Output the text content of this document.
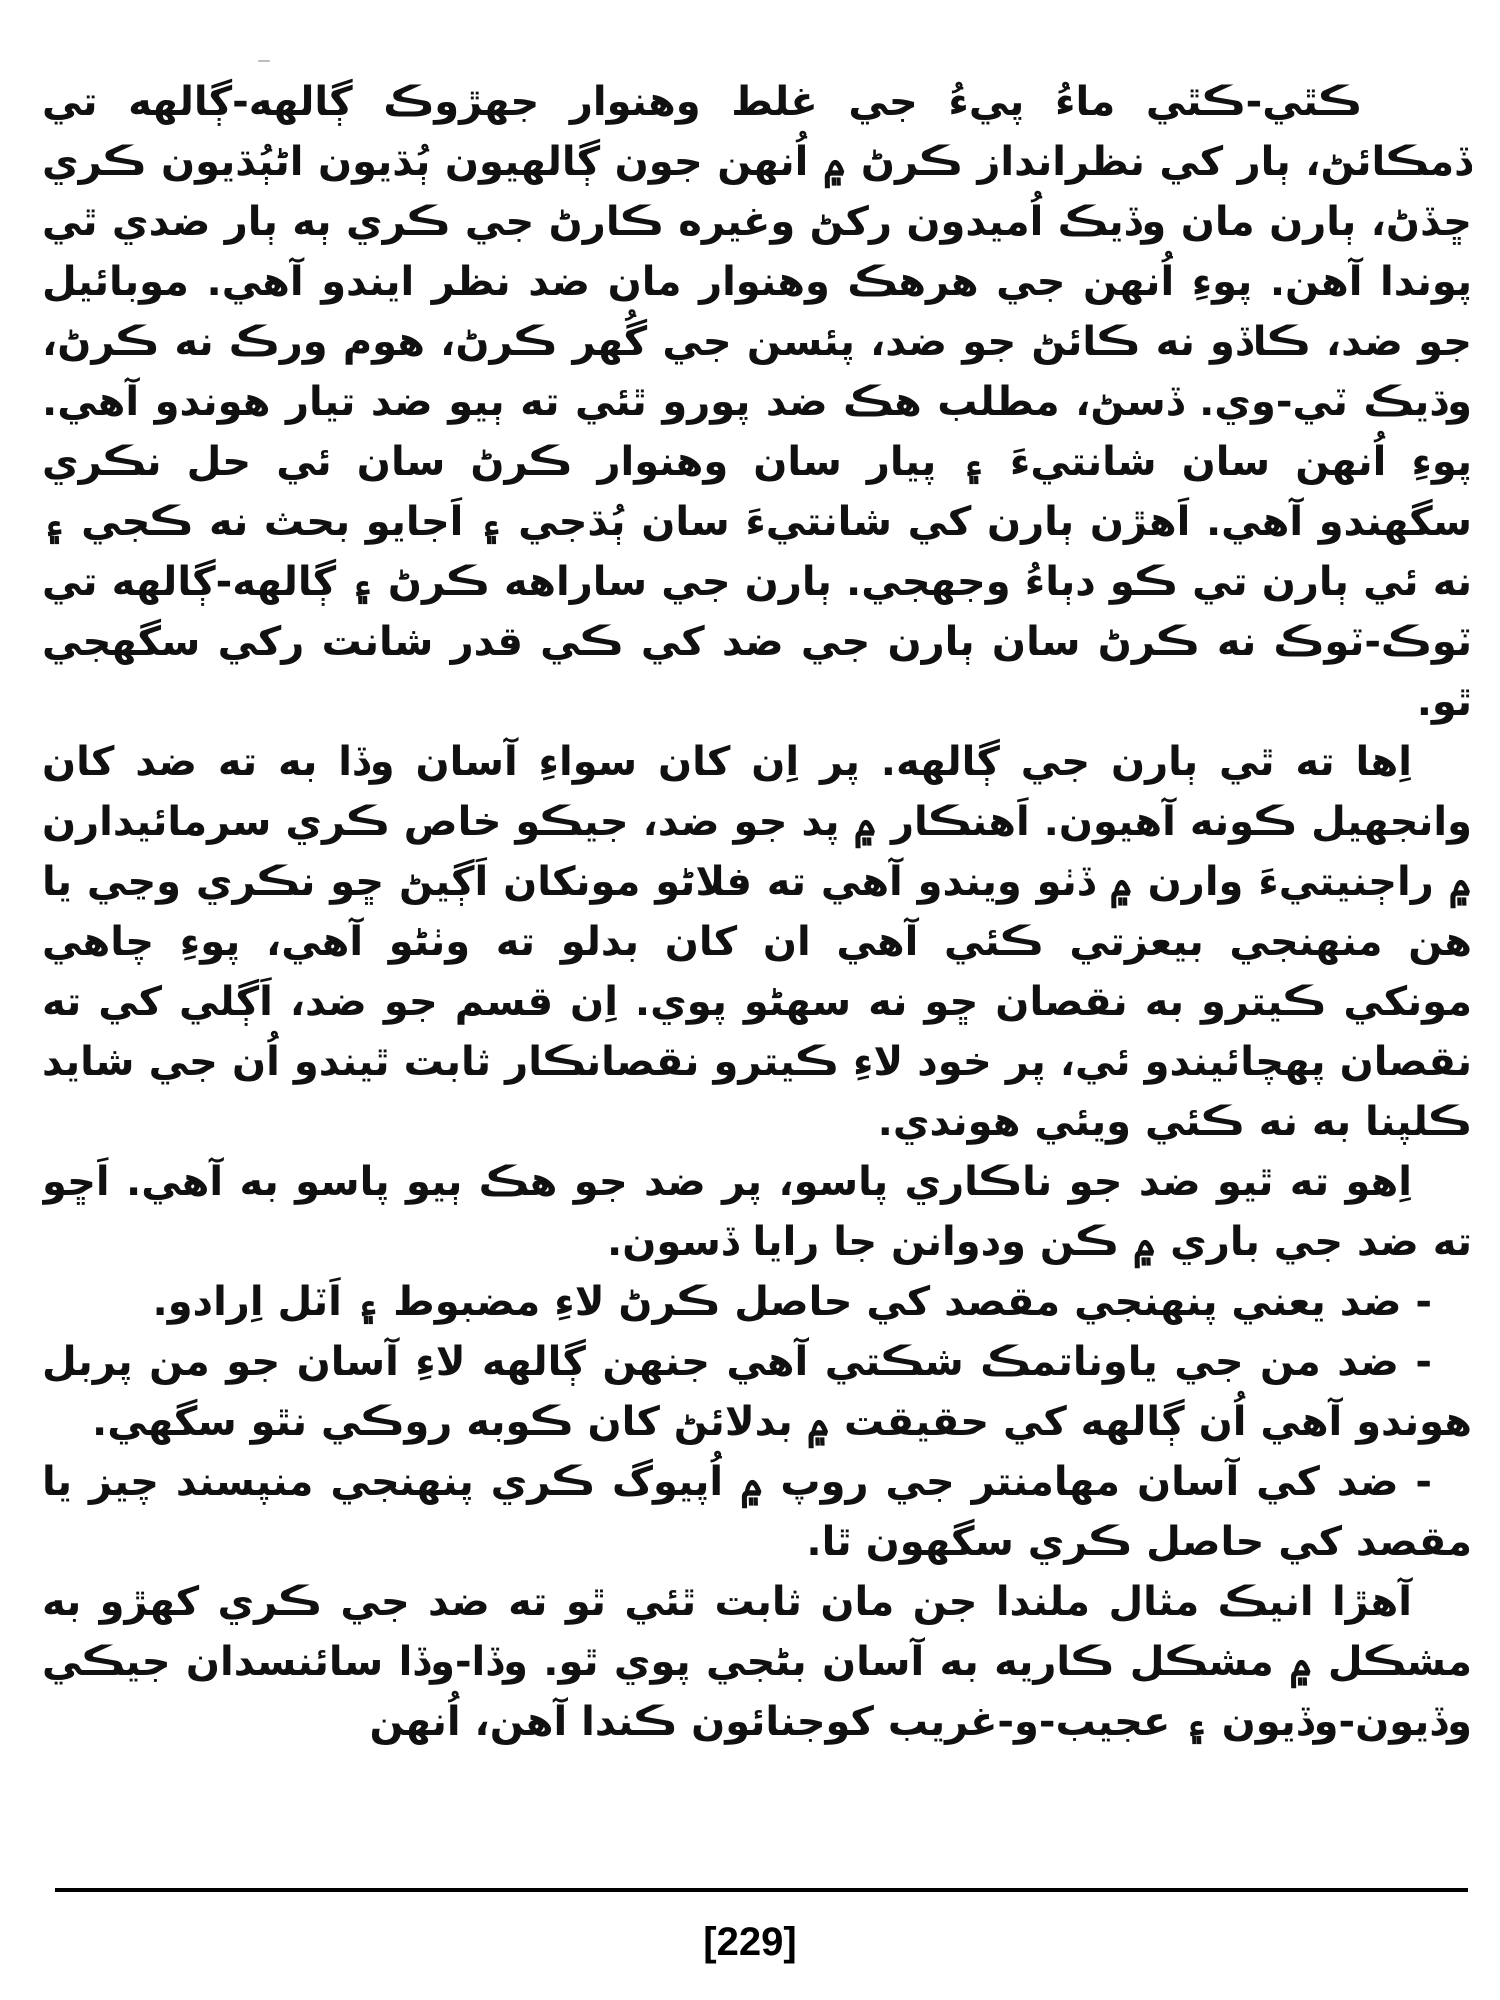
ڪٿي-ڪٿي ماءُ پيءُ جي غلط وهنوار جهڙوڪ ڳالهه-ڳالهه تي ڏمڪائڻ، ٻار کي نظرانداز ڪرڻ ۾ اُنهن جون ڳالهيون ٻُڌيون اڻٻُڌيون ڪري ڇڏڻ، ٻارن مان وڏيڪ اُميدون رکڻ وغيره ڪارڻ جي ڪري ٻه ٻار ضدي ٿي پوندا آهن. پوءِ اُنهن جي هرهڪ وهنوار مان ضد نظر ايندو آهي. موبائيل جو ضد، ڪاڏو نه ڪائڻ جو ضد، پئسن جي گُهر ڪرڻ، هوم ورڪ نه ڪرڻ، وڌيڪ ٽي-وي. ڏسڻ، مطلب هڪ ضد پورو ٿئي ته ٻيو ضد تيار هوندو آهي. پوءِ اُنهن سان شانتيءَ ۽ پيار سان وهنوار ڪرڻ سان ئي حل نڪري سگهندو آهي. اَهڙن ٻارن کي شانتيءَ سان ٻُڌجي ۽ اَجايو بحث نه ڪجي ۽ نه ئي ٻارن تي ڪو دٻاءُ وجهجي. ٻارن جي ساراهه ڪرڻ ۽ ڳالهه-ڳالهه تي ٽوڪ-ٽوڪ نه ڪرڻ سان ٻارن جي ضد کي ڪي قدر شانت رکي سگهجي ٿو.

اِها ته ٿي ٻارن جي ڳالهه. پر اِن کان سواءِ آسان وڏا به ته ضد کان وانجهيل ڪونه آهيون. اَهنڪار ۾ پد جو ضد، جيڪو خاص ڪري سرمائيدارن ۾ راڄنيتيءَ وارن ۾ ڏٺو ويندو آهي ته فلاڻو مونکان اَڳيڻ ڇو نڪري وڃي يا هن منهنجي بيعزتي ڪئي آهي ان کان بدلو ته وٺڻو آهي، پوءِ چاهي مونکي ڪيترو به نقصان ڇو نه سهڻو پوي. اِن قسم جو ضد، اَڳلي کي ته نقصان پهچائيندو ئي، پر خود لاءِ ڪيترو نقصانڪار ثابت ٿيندو اُن جي شايد ڪلپنا به نه ڪئي ويئي هوندي.

اِهو ته ٿيو ضد جو ناڪاري پاسو، پر ضد جو هڪ ٻيو پاسو به آهي. اَڇو ته ضد جي باري ۾ ڪن ودوانن جا رايا ڏسون.

- ضد يعني پنهنجي مقصد کي حاصل ڪرڻ لاءِ مضبوط ۽ اَٽل اِرادو.

- ضد من جي ياوناتمڪ شڪتي آهي جنهن ڳالهه لاءِ آسان جو من پربل هوندو آهي اُن ڳالهه کي حقيقت ۾ بدلائڻ کان ڪوبه روڪي نٿو سگهي.

- ضد کي آسان مهامنتر جي روپ ۾ اُپيوگ ڪري پنهنجي منپسند چيز يا مقصد کي حاصل ڪري سگهون ٿا.

آهڙا انيڪ مثال ملندا جن مان ثابت ٿئي ٿو ته ضد جي ڪري کهڙو به مشڪل ۾ مشڪل ڪاريه به آسان بڻجي پوي ٿو. وڏا-وڏا سائنسدان جيڪي وڏيون-وڏيون ۽ عجيب-و-غريب کوجنائون ڪندا آهن، اُنهن

[229]
